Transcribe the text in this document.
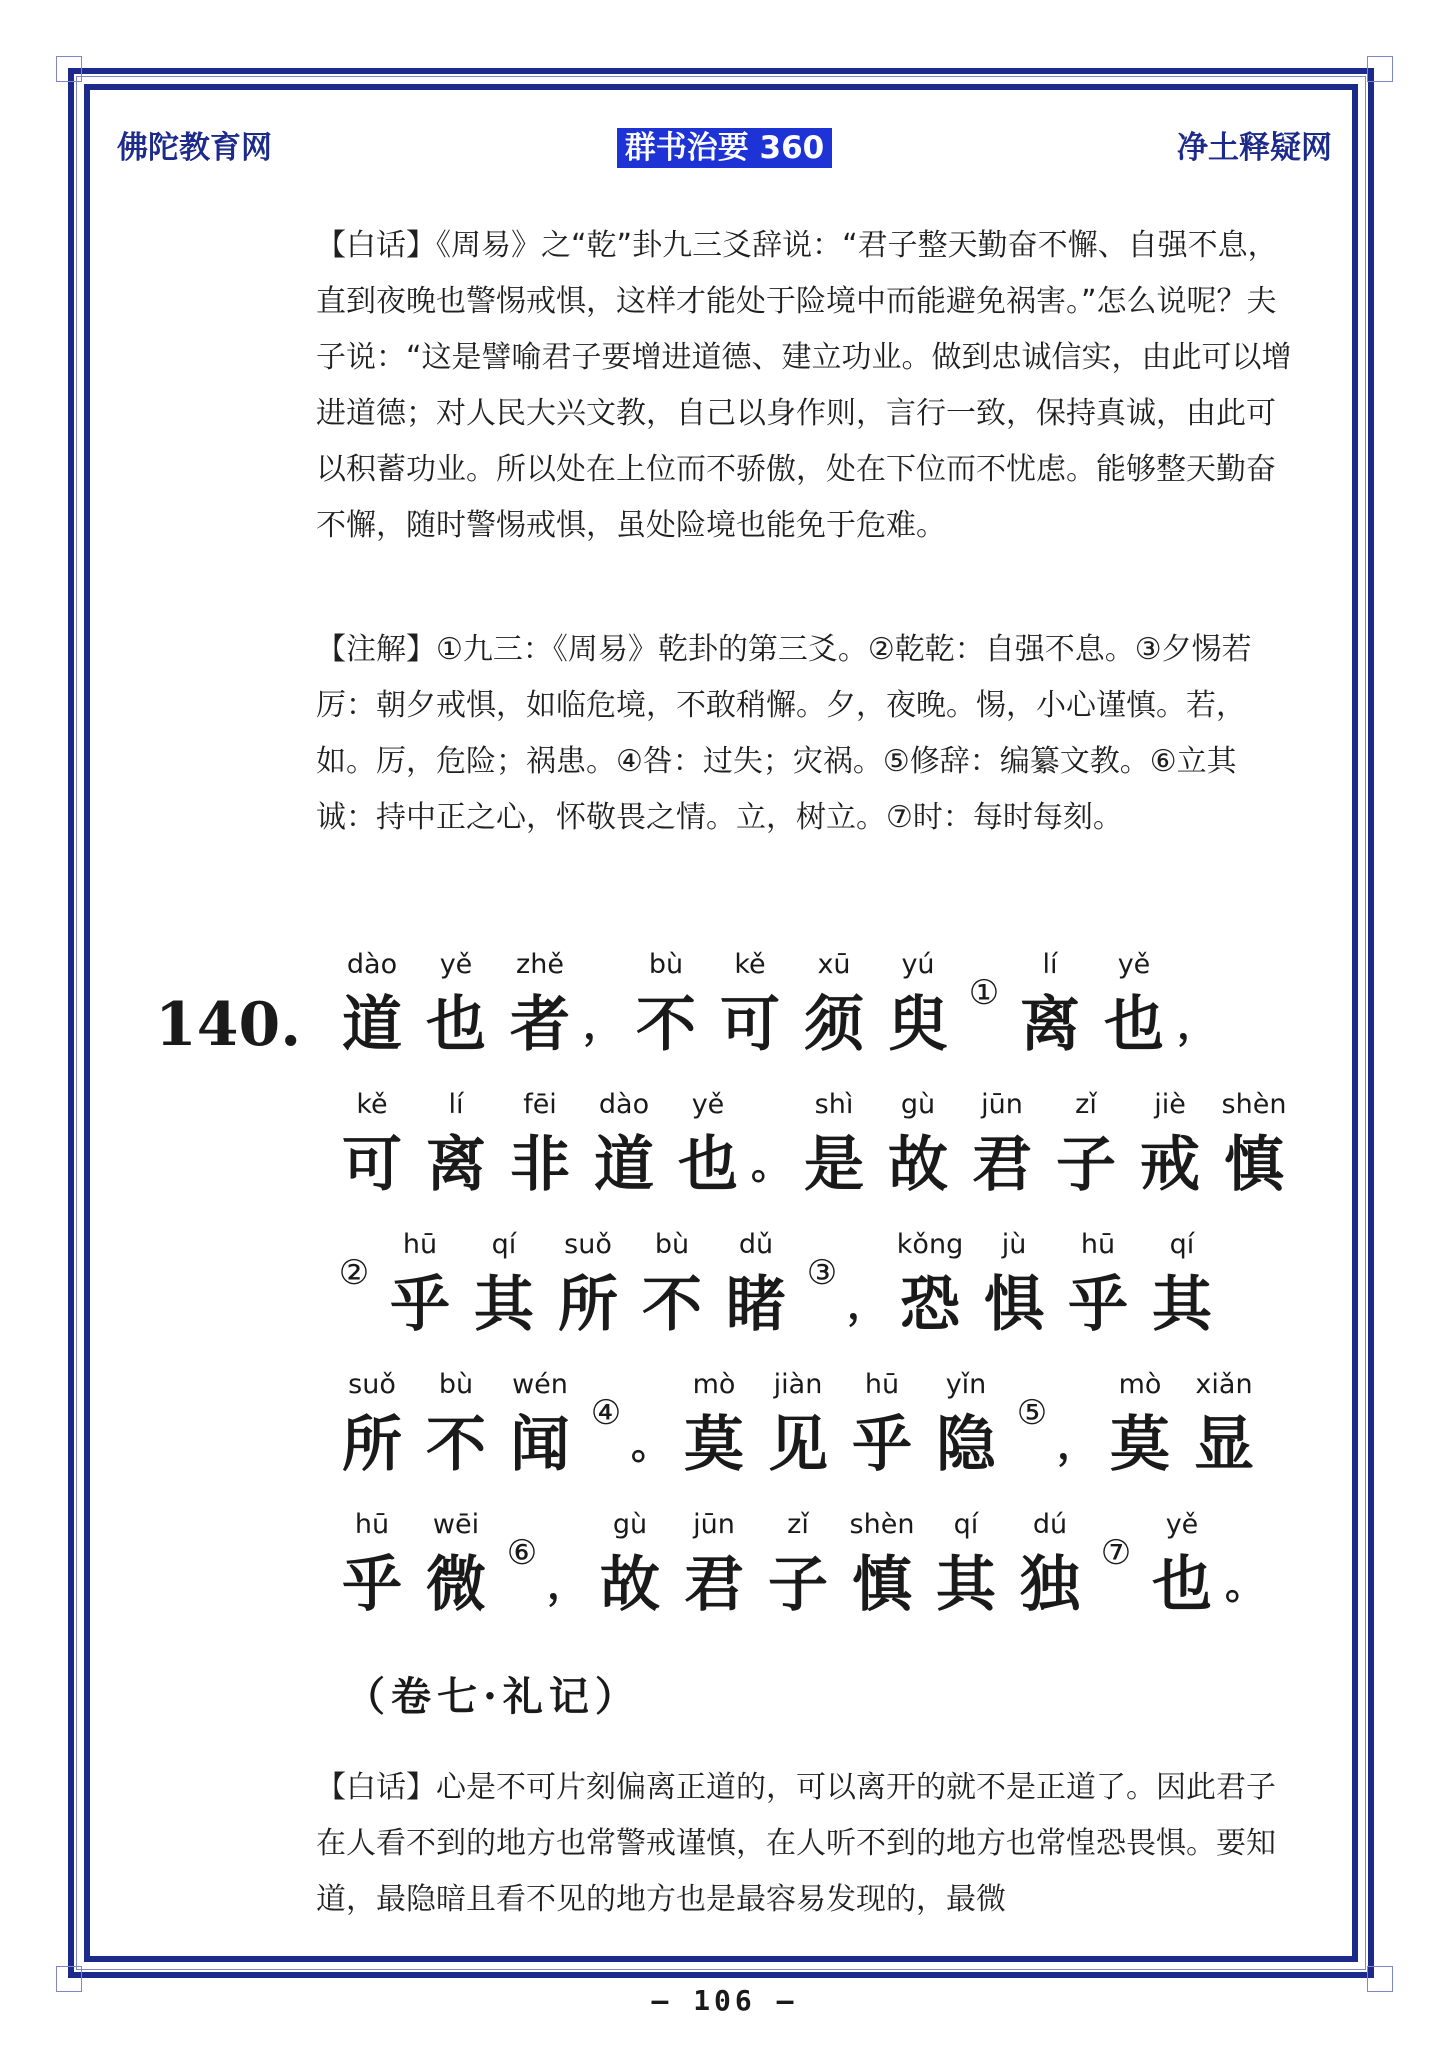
佛陀教育网	群书治要 360	净土释疑网

【白话】《周易》之“乾”卦九三爻辞说：“君子整天勤奋不懈、自强不息，直到夜晚也警惕戒惧，这样才能处于险境中而能避免祸害。”怎么说呢？夫子说：“这是譬喻君子要增进道德、建立功业。做到忠诚信实，由此可以增进道德；对人民大兴文教，自己以身作则，言行一致，保持真诚，由此可以积蓄功业。所以处在上位而不骄傲，处在下位而不忧虑。能够整天勤奋不懈，随时警惕戒惧，虽处险境也能免于危难。

【注解】①九三：《周易》乾卦的第三爻。②乾乾：自强不息。③夕惕若厉：朝夕戒惧，如临危境，不敢稍懈。夕，夜晚。惕，小心谨慎。若，如。厉，危险；祸患。④咎：过失；灾祸。⑤修辞：编纂文教。⑥立其诚：持中正之心，怀敬畏之情。立，树立。⑦时：每时每刻。

140.
dào
道
yě
也
zhě
者 ，
bù
不
kě
可
xū
须
yú
臾 ①
lí
离
yě
也 ，
kě
可
lí
离
fēi
非
dào
道
yě
也 。
shì
是
gù
故
jūn
君
zǐ
子
jiè
戒
shèn
慎
②
hū
乎
qí
其
suǒ
所
bù
不
dǔ
睹 ③
，
kǒng
恐
jù
惧
hū
乎
qí
其
suǒ
所
bù
不
wén
闻 ④
。
mò
莫
jiàn
见
hū
乎
yǐn
隐 ⑤
，
mò
莫
xiǎn
显
hū
乎
wēi
微 ⑥
，
gù
故
jūn
君
zǐ
子
shèn
慎
qí
其
dú
独 ⑦
yě
也 。
（卷七·礼记）

【白话】心是不可片刻偏离正道的，可以离开的就不是正道了。因此君子在人看不到的地方也常警戒谨慎，在人听不到的地方也常惶恐畏惧。要知道，最隐暗且看不见的地方也是最容易发现的，最微

– 106 –
